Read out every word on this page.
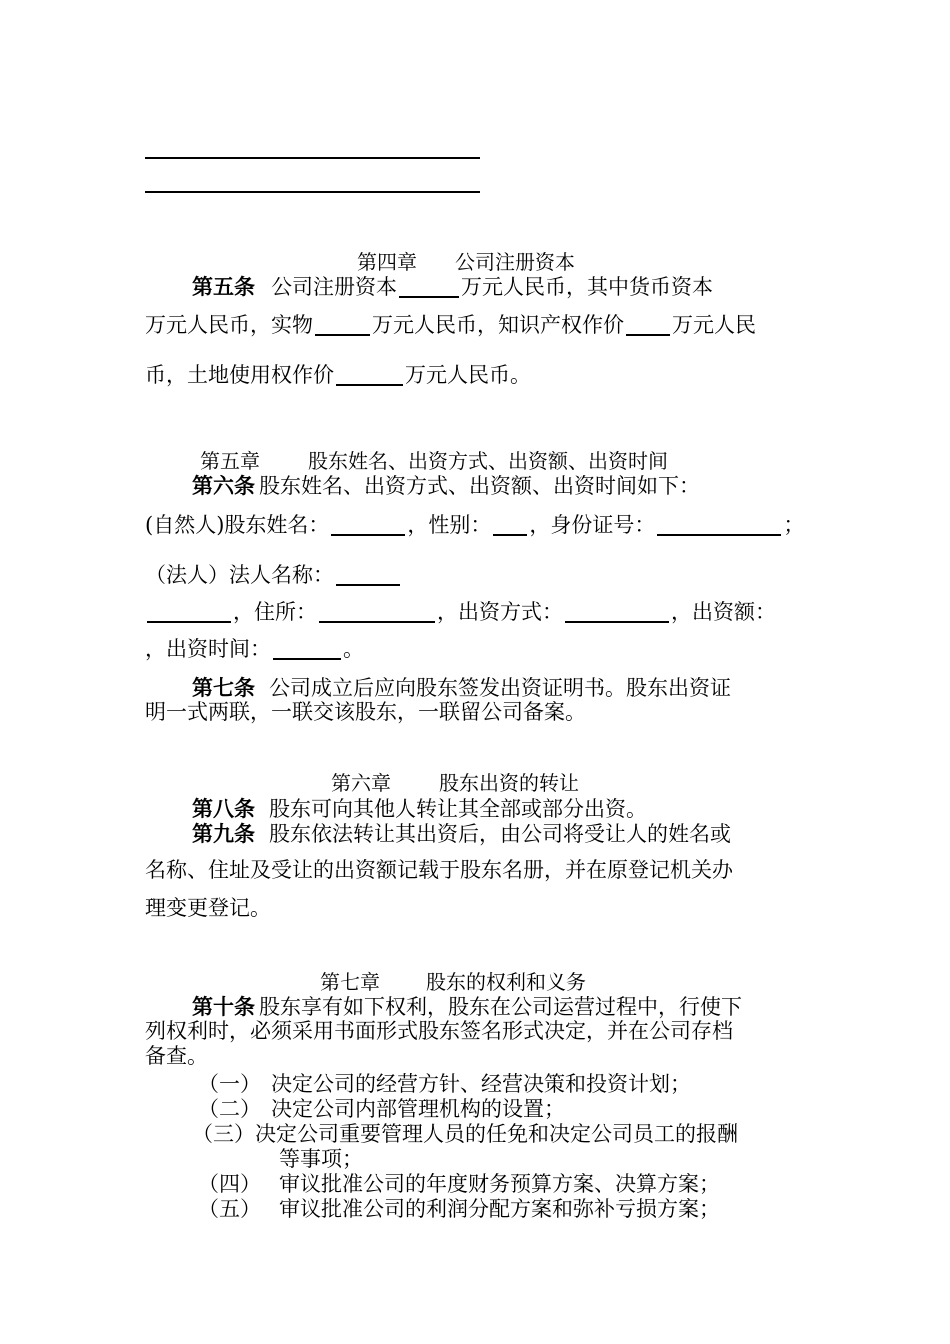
第四章 公司注册资本
第五条 公司注册资本	万元人民币，其中货币资本
万元人民币，实物	万元人民币，知识产权作价 万元人民
币，土地使用权作价	万元人民币。
第五章 股东姓名、出资方式、出资额、出资时间
第六条 股东姓名、出资方式、出资额、出资时间如下：
(自然人)股东姓名：	，性别： ，身份证号：	；
（法人）法人名称：
，住所：	，出资方式：	，出资额：
，出资时间：	。
第七条 公司成立后应向股东签发出资证明书。股东出资证
明一式两联，一联交该股东，一联留公司备案。
第六章 股东出资的转让
第八条 股东可向其他人转让其全部或部分出资。
第九条 股东依法转让其出资后，由公司将受让人的姓名或
名称、住址及受让的出资额记载于股东名册，并在原登记机关办
理变更登记。
第七章 股东的权利和义务
第十条 股东享有如下权利，股东在公司运营过程中，行使下
列权利时，必须采用书面形式股东签名形式决定，并在公司存档
备查。
（一） 决定公司的经营方针、经营决策和投资计划；
（二） 决定公司内部管理机构的设置；
（三）决定公司重要管理人员的任免和决定公司员工的报酬
等事项；
（四） 审议批准公司的年度财务预算方案、决算方案；
（五） 审议批准公司的利润分配方案和弥补亏损方案；
